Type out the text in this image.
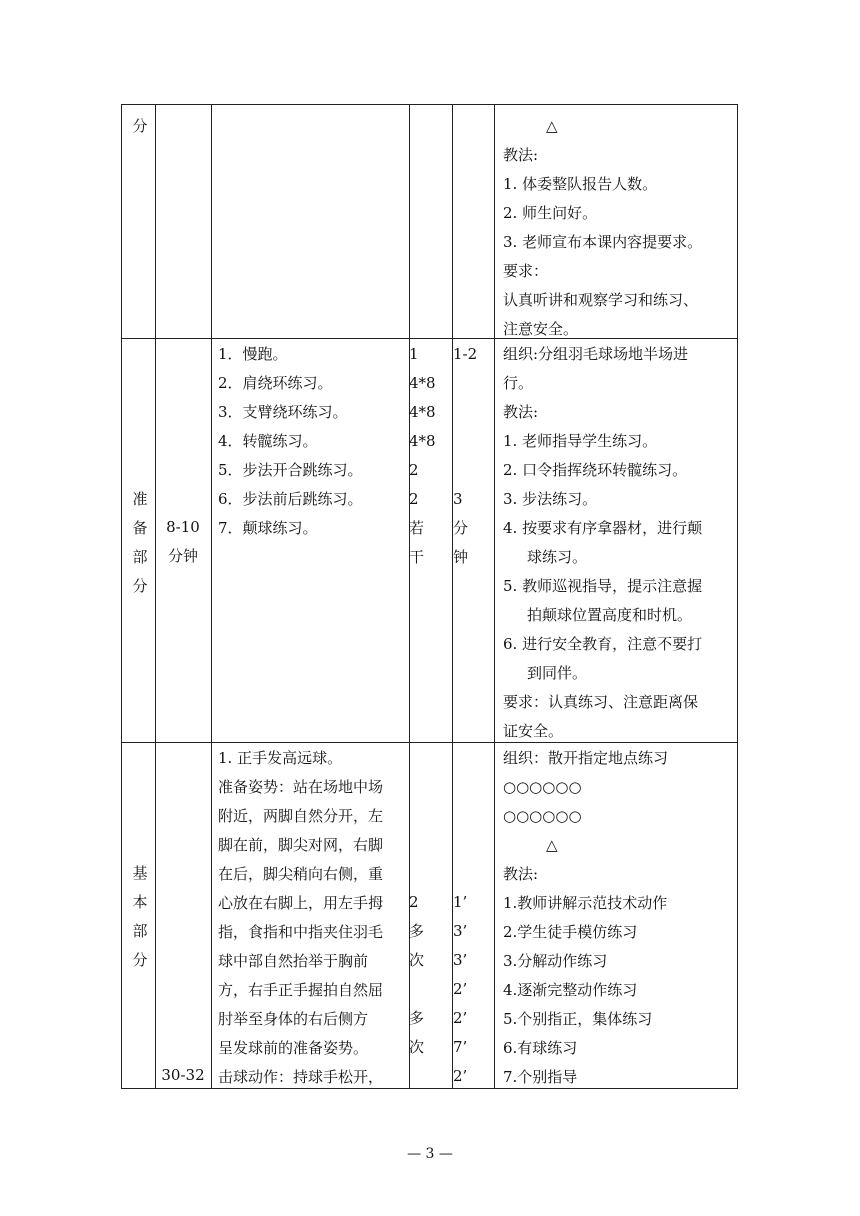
分	△
教法:
1. 体委整队报告人数。
2. 师生问好。
3. 老师宣布本课内容提要求。
要求：
认真听讲和观察学习和练习、
注意安全。
准
备
部
分
8-10
分钟
1．慢跑。
2．肩绕环练习。
3．支臂绕环练习。
4．转髋练习。
5．步法开合跳练习。
6．步法前后跳练习。
7．颠球练习。
1
4*8
4*8
4*8
2
2
若
干
1-2
3
分
钟
组织:分组羽毛球场地半场进
行。
教法:
1. 老师指导学生练习。
2. 口令指挥绕环转髋练习。
3. 步法练习。
4. 按要求有序拿器材，进行颠
球练习。
5. 教师巡视指导，提示注意握
拍颠球位置高度和时机。
6. 进行安全教育，注意不要打
到同伴。
要求：认真练习、注意距离保
证安全。
基
本
部
分
30-32
1. 正手发高远球。
准备姿势：站在场地中场
附近，两脚自然分开，左
脚在前，脚尖对网，右脚
在后，脚尖稍向右侧，重
心放在右脚上，用左手拇
指，食指和中指夹住羽毛
球中部自然抬举于胸前
方，右手正手握拍自然屈
肘举至身体的右后侧方
呈发球前的准备姿势。
击球动作：持球手松开，
2
多
次
多
次
1’
3’
3’
2’
2’
7’
2’
组织：散开指定地点练习
○○○○○○
○○○○○○
△
教法:
1.教师讲解示范技术动作
2.学生徒手模仿练习
3.分解动作练习
4.逐渐完整动作练习
5.个别指正，集体练习
6.有球练习
7.个别指导
— 3 —
